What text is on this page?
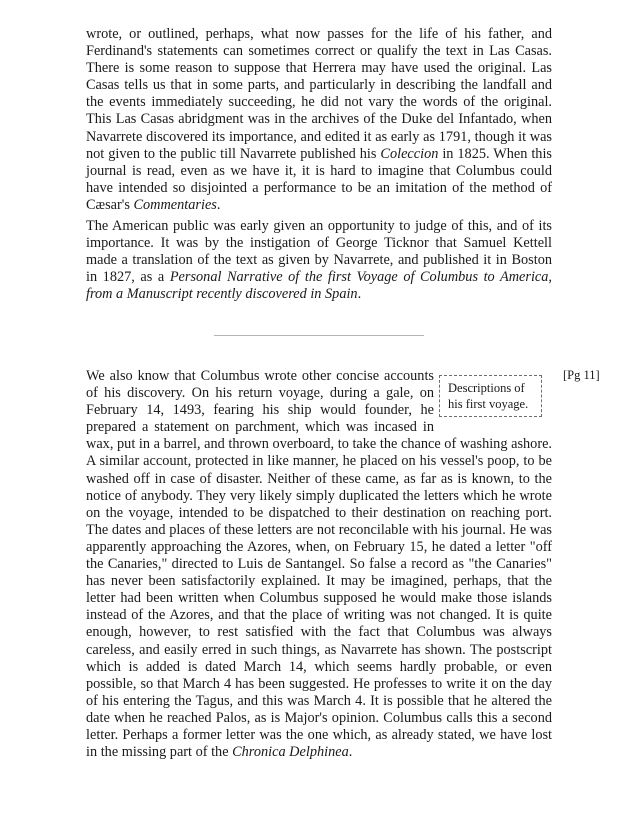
wrote, or outlined, perhaps, what now passes for the life of his father, and Ferdinand's statements can sometimes correct or qualify the text in Las Casas. There is some reason to suppose that Herrera may have used the original. Las Casas tells us that in some parts, and particularly in describing the landfall and the events immediately succeeding, he did not vary the words of the original. This Las Casas abridgment was in the archives of the Duke del Infantado, when Navarrete discovered its importance, and edited it as early as 1791, though it was not given to the public till Navarrete published his Coleccion in 1825. When this journal is read, even as we have it, it is hard to imagine that Columbus could have intended so disjointed a performance to be an imitation of the method of Cæsar's Commentaries.

The American public was early given an opportunity to judge of this, and of its importance. It was by the instigation of George Ticknor that Samuel Kettell made a translation of the text as given by Navarrete, and published it in Boston in 1827, as a Personal Narrative of the first Voyage of Columbus to America, from a Manuscript recently discovered in Spain.

Descriptions of his first voyage.
[Pg 11]

We also know that Columbus wrote other concise accounts of his discovery. On his return voyage, during a gale, on February 14, 1493, fearing his ship would founder, he prepared a statement on parchment, which was incased in wax, put in a barrel, and thrown overboard, to take the chance of washing ashore. A similar account, protected in like manner, he placed on his vessel's poop, to be washed off in case of disaster. Neither of these came, as far as is known, to the notice of anybody. They very likely simply duplicated the letters which he wrote on the voyage, intended to be dispatched to their destination on reaching port. The dates and places of these letters are not reconcilable with his journal. He was apparently approaching the Azores, when, on February 15, he dated a letter "off the Canaries," directed to Luis de Santangel. So false a record as "the Canaries" has never been satisfactorily explained. It may be imagined, perhaps, that the letter had been written when Columbus supposed he would make those islands instead of the Azores, and that the place of writing was not changed. It is quite enough, however, to rest satisfied with the fact that Columbus was always careless, and easily erred in such things, as Navarrete has shown. The postscript which is added is dated March 14, which seems hardly probable, or even possible, so that March 4 has been suggested. He professes to write it on the day of his entering the Tagus, and this was March 4. It is possible that he altered the date when he reached Palos, as is Major's opinion. Columbus calls this a second letter. Perhaps a former letter was the one which, as already stated, we have lost in the missing part of the Chronica Delphinea.
